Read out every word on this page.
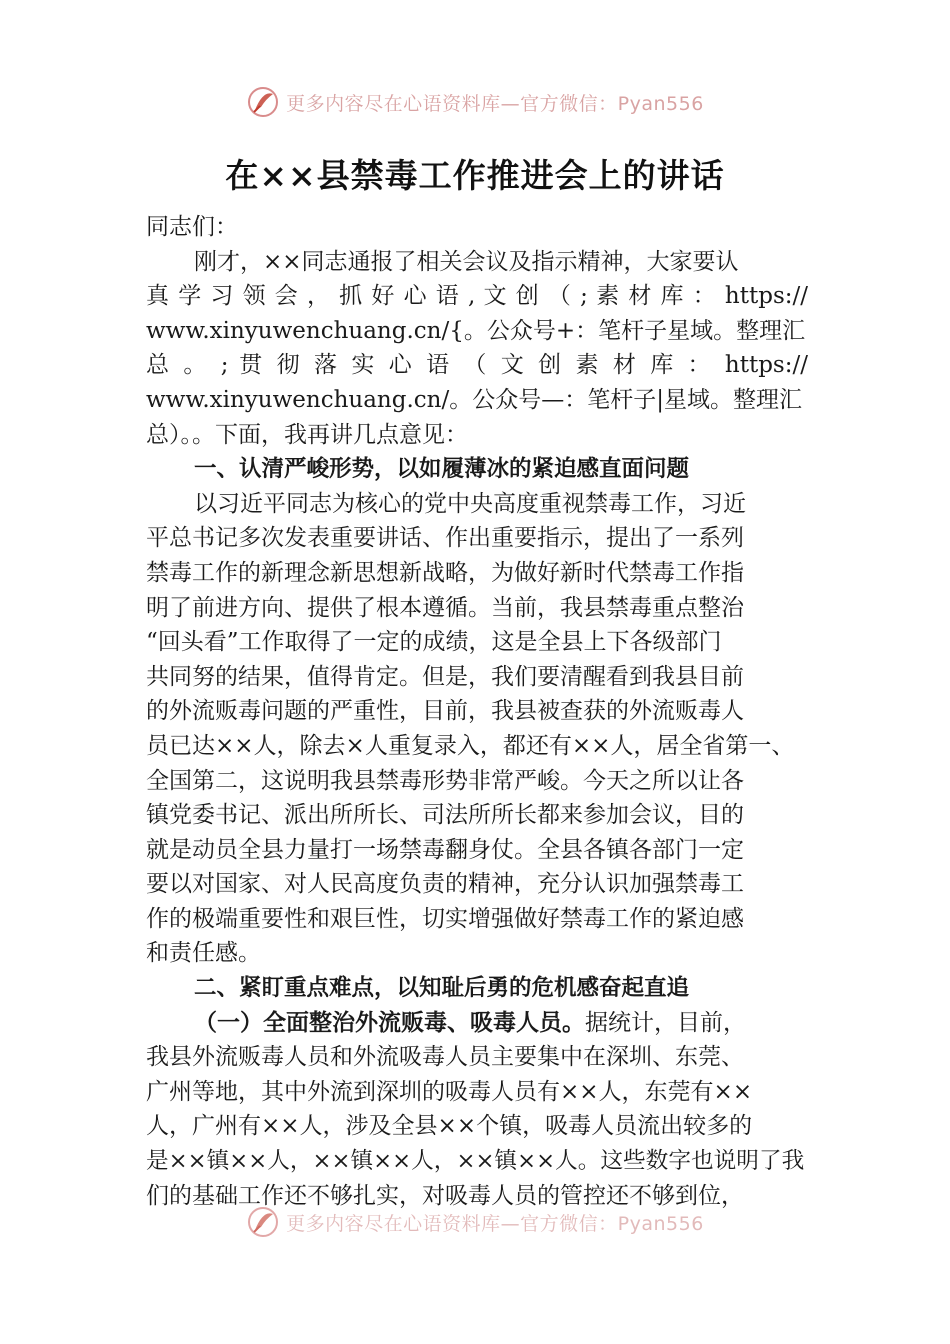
更多内容尽在心语资料库—官方微信：Pyan556
在××县禁毒工作推进会上的讲话
同志们：
刚才，××同志通报了相关会议及指示精神，大家要认
真 学 习 领 会 ， 抓 好 心 语 , 文 创 （ ; 素 材 库 ： https://
www.xinyuwenchuang.cn/{。公众号+：笔杆子星域。整理汇
总 。 ; 贯 彻 落 实 心 语 （ 文 创 素 材 库 ： https://
www.xinyuwenchuang.cn/。公众号—：笔杆子|星域。整理汇
总）。。下面，我再讲几点意见：
一、认清严峻形势，以如履薄冰的紧迫感直面问题
以习近平同志为核心的党中央高度重视禁毒工作，习近
平总书记多次发表重要讲话、作出重要指示，提出了一系列
禁毒工作的新理念新思想新战略，为做好新时代禁毒工作指
明了前进方向、提供了根本遵循。当前，我县禁毒重点整治
“回头看”工作取得了一定的成绩，这是全县上下各级部门
共同努的结果，值得肯定。但是，我们要清醒看到我县目前
的外流贩毒问题的严重性，目前，我县被查获的外流贩毒人
员已达××人，除去×人重复录入，都还有××人，居全省第一、
全国第二，这说明我县禁毒形势非常严峻。今天之所以让各
镇党委书记、派出所所长、司法所所长都来参加会议，目的
就是动员全县力量打一场禁毒翻身仗。全县各镇各部门一定
要以对国家、对人民高度负责的精神，充分认识加强禁毒工
作的极端重要性和艰巨性，切实增强做好禁毒工作的紧迫感
和责任感。
二、紧盯重点难点，以知耻后勇的危机感奋起直追
（一）全面整治外流贩毒、吸毒人员。据统计，目前，
我县外流贩毒人员和外流吸毒人员主要集中在深圳、东莞、
广州等地，其中外流到深圳的吸毒人员有××人，东莞有××
人，广州有××人，涉及全县××个镇，吸毒人员流出较多的
是××镇××人，××镇××人，××镇××人。这些数字也说明了我
们的基础工作还不够扎实，对吸毒人员的管控还不够到位，
更多内容尽在心语资料库—官方微信：Pyan556
